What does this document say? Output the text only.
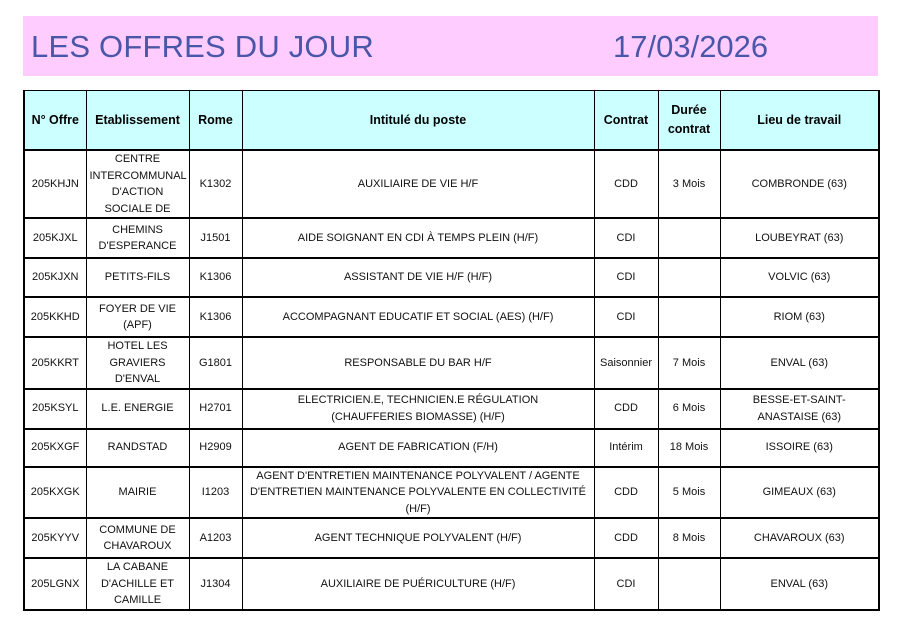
LES OFFRES DU JOUR	17/03/2026
N° Offre	Etablissement	Rome	Intitulé du poste	Contrat	Durée contrat	Lieu de travail
205KHJN	CENTRE INTERCOMMUNAL D'ACTION SOCIALE DE	K1302	AUXILIAIRE DE VIE H/F	CDD	3 Mois	COMBRONDE (63)
205KJXL	CHEMINS D'ESPERANCE	J1501	AIDE SOIGNANT EN CDI À TEMPS PLEIN (H/F)	CDI		LOUBEYRAT (63)
205KJXN	PETITS-FILS	K1306	ASSISTANT DE VIE H/F (H/F)	CDI		VOLVIC (63)
205KKHD	FOYER DE VIE (APF)	K1306	ACCOMPAGNANT EDUCATIF ET SOCIAL (AES) (H/F)	CDI		RIOM (63)
205KKRT	HOTEL LES GRAVIERS D'ENVAL	G1801	RESPONSABLE DU BAR H/F	Saisonnier	7 Mois	ENVAL (63)
205KSYL	L.E. ENERGIE	H2701	ELECTRICIEN.E, TECHNICIEN.E RÉGULATION (CHAUFFERIES BIOMASSE) (H/F)	CDD	6 Mois	BESSE-ET-SAINT-ANASTAISE (63)
205KXGF	RANDSTAD	H2909	AGENT DE FABRICATION (F/H)	Intérim	18 Mois	ISSOIRE (63)
205KXGK	MAIRIE	I1203	AGENT D'ENTRETIEN MAINTENANCE POLYVALENT / AGENTE D'ENTRETIEN MAINTENANCE POLYVALENTE EN COLLECTIVITÉ (H/F)	CDD	5 Mois	GIMEAUX (63)
205KYYV	COMMUNE DE CHAVAROUX	A1203	AGENT TECHNIQUE POLYVALENT (H/F)	CDD	8 Mois	CHAVAROUX (63)
205LGNX	LA CABANE D'ACHILLE ET CAMILLE	J1304	AUXILIAIRE DE PUÉRICULTURE (H/F)	CDI		ENVAL (63)
